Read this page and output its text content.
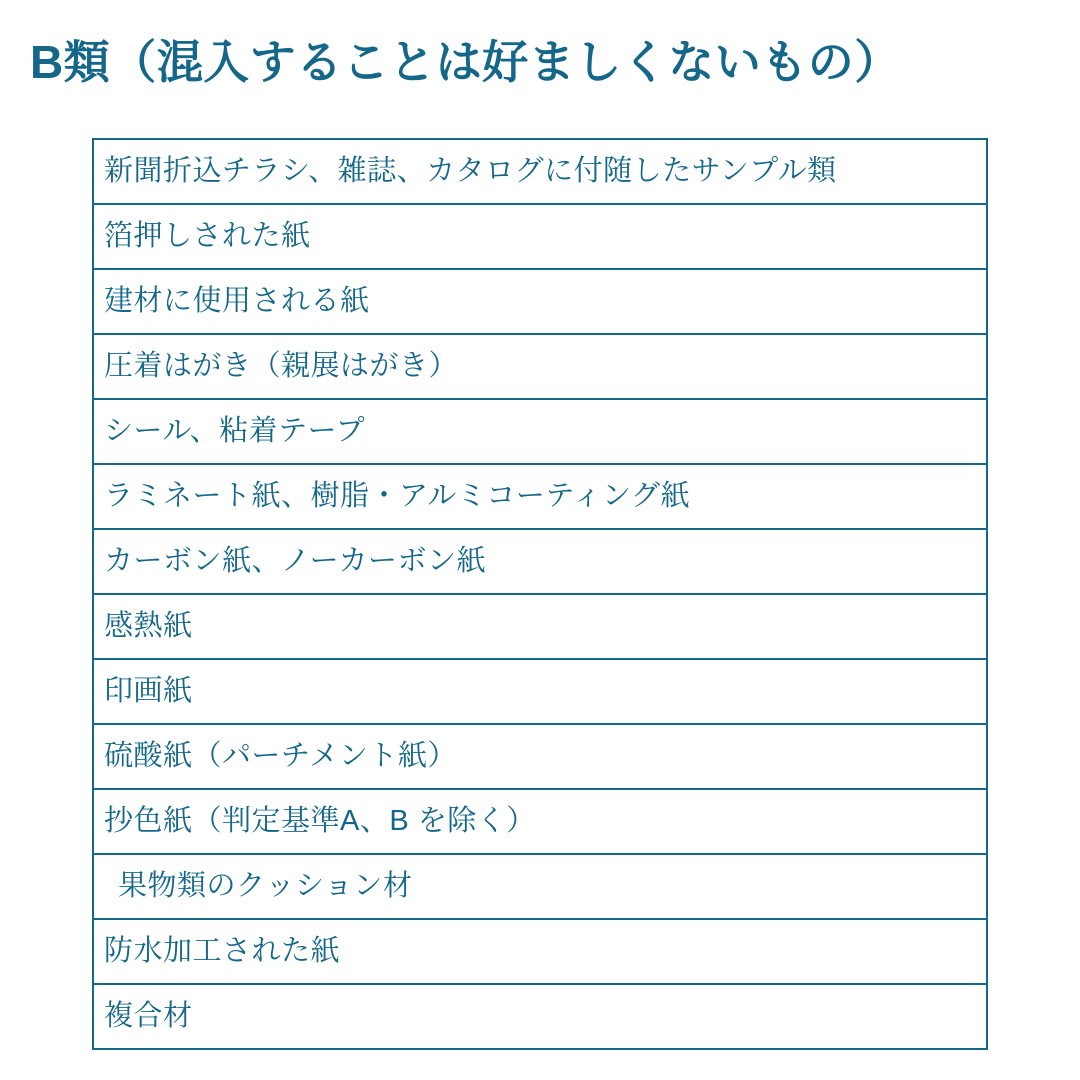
B類（混入することは好ましくないもの）
新聞折込チラシ、雑誌、カタログに付随したサンプル類
箔押しされた紙
建材に使用される紙
圧着はがき（親展はがき）
シール、粘着テープ
ラミネート紙、樹脂・アルミコーティング紙
カーボン紙、ノーカーボン紙
感熱紙
印画紙
硫酸紙（パーチメント紙）
抄色紙（判定基準A、B を除く）
果物類のクッション材
防水加工された紙
複合材
